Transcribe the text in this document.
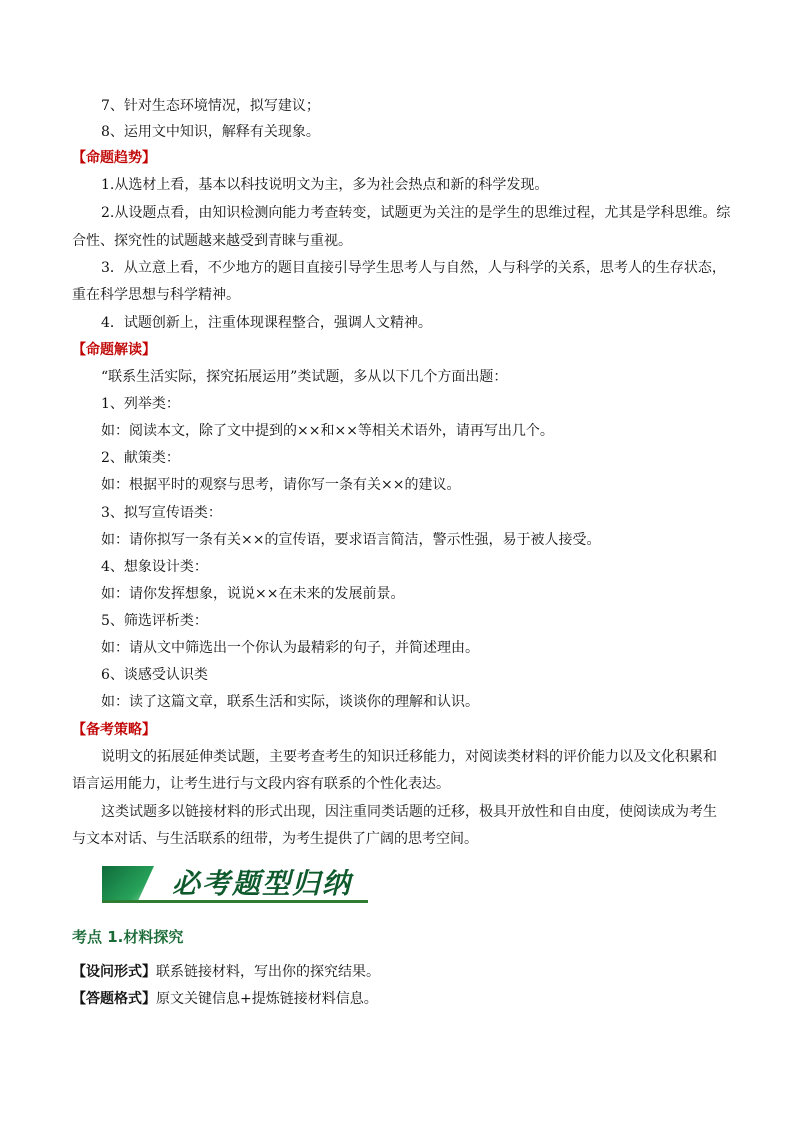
7、针对生态环境情况，拟写建议；
8、运用文中知识，解释有关现象。
【命题趋势】
1.从选材上看，基本以科技说明文为主，多为社会热点和新的科学发现。
2.从设题点看，由知识检测向能力考查转变，试题更为关注的是学生的思维过程，尤其是学科思维。综
合性、探究性的试题越来越受到青睐与重视。
3．从立意上看，不少地方的题目直接引导学生思考人与自然，人与科学的关系，思考人的生存状态，
重在科学思想与科学精神。
4．试题创新上，注重体现课程整合，强调人文精神。
【命题解读】
“联系生活实际，探究拓展运用”类试题，多从以下几个方面出题：
1、列举类：
如：阅读本文，除了文中提到的××和××等相关术语外，请再写出几个。
2、献策类：
如：根据平时的观察与思考，请你写一条有关××的建议。
3、拟写宣传语类：
如：请你拟写一条有关××的宣传语，要求语言简洁，警示性强，易于被人接受。
4、想象设计类：
如：请你发挥想象，说说××在未来的发展前景。
5、筛选评析类：
如：请从文中筛选出一个你认为最精彩的句子，并简述理由。
6、谈感受认识类
如：读了这篇文章，联系生活和实际，谈谈你的理解和认识。
【备考策略】
说明文的拓展延伸类试题，主要考查考生的知识迁移能力，对阅读类材料的评价能力以及文化积累和
语言运用能力，让考生进行与文段内容有联系的个性化表达。
这类试题多以链接材料的形式出现，因注重同类话题的迁移，极具开放性和自由度，使阅读成为考生
与文本对话、与生活联系的纽带，为考生提供了广阔的思考空间。
必考题型归纳
考点 1.材料探究
【设问形式】联系链接材料，写出你的探究结果。
【答题格式】原文关键信息+提炼链接材料信息。
